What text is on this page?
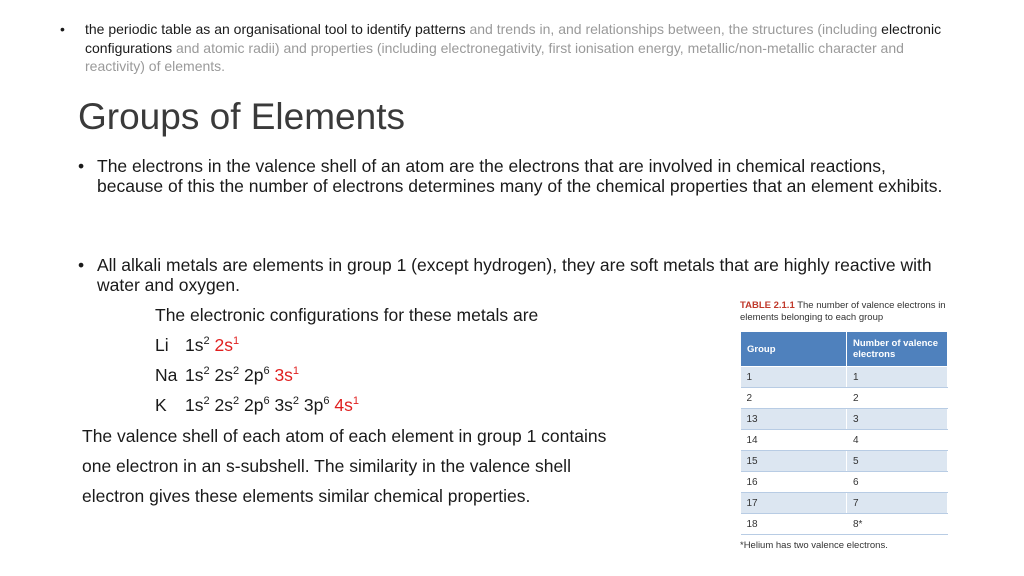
•	the periodic table as an organisational tool to identify patterns and trends in, and relationships between, the structures (including electronic configurations and atomic radii) and properties (including electronegativity, first ionisation energy, metallic/non-metallic character and reactivity) of elements.
Groups of Elements
• The electrons in the valence shell of an atom are the electrons that are involved in chemical reactions, because of this the number of electrons determines many of the chemical properties that an element exhibits.
• All alkali metals are elements in group 1 (except hydrogen), they are soft metals that are highly reactive with water and oxygen.
The electronic configurations for these metals are
Li $1s^2$ $2s^1$
Na $1s^2$ $2s^2$ $2p^6$ $3s^1$
K $1s^2$ $2s^2$ $2p^6$ $3s^2$ $3p^6$ $4s^1$
The valence shell of each atom of each element in group 1 contains
one electron in an s-subshell. The similarity in the valence shell
electron gives these elements similar chemical properties.
TABLE 2.1.1 The number of valence electrons in elements belonging to each group
Group	Number of valence electrons
1	1
2	2
13	3
14	4
15	5
16	6
17	7
18	8*
*Helium has two valence electrons.
